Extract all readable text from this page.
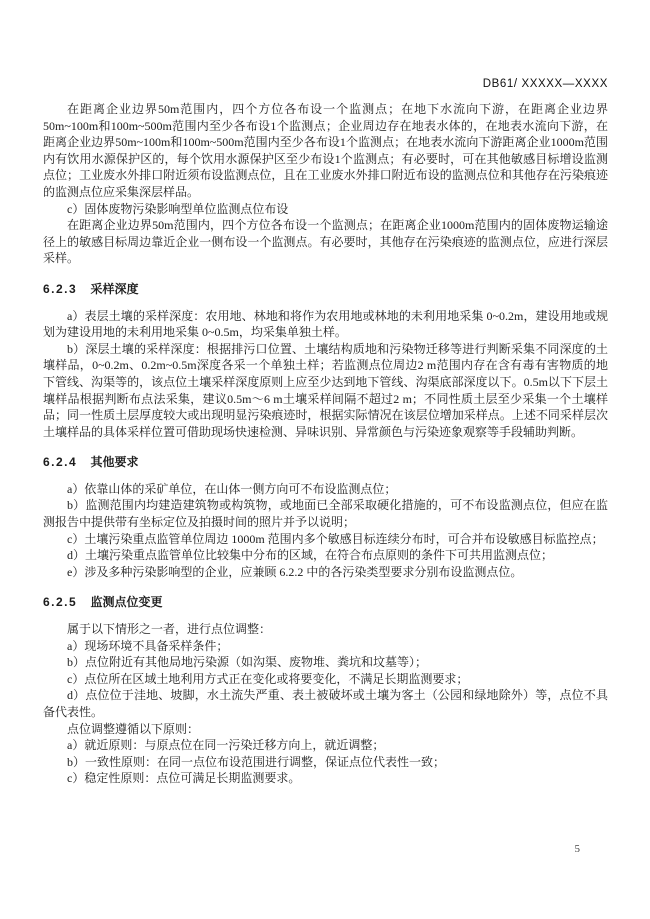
DB61/ XXXXX—XXXX

在距离企业边界50m范围内，四个方位各布设一个监测点；在地下水流向下游，在距离企业边界50m~100m和100m~500m范围内至少各布设1个监测点；企业周边存在地表水体的，在地表水流向下游，在距离企业边界50m~100m和100m~500m范围内至少各布设1个监测点；在地表水流向下游距离企业1000m范围内有饮用水源保护区的，每个饮用水源保护区至少布设1个监测点；有必要时，可在其他敏感目标增设监测点位；工业废水外排口附近须布设监测点位，且在工业废水外排口附近布设的监测点位和其他存在污染痕迹的监测点位应采集深层样品。

c）固体废物污染影响型单位监测点位布设

在距离企业边界50m范围内，四个方位各布设一个监测点；在距离企业1000m范围内的固体废物运输途径上的敏感目标周边靠近企业一侧布设一个监测点。有必要时，其他存在污染痕迹的监测点位，应进行深层采样。

6.2.3 采样深度

a）表层土壤的采样深度：农用地、林地和将作为农用地或林地的未利用地采集 0~0.2m，建设用地或规划为建设用地的未利用地采集 0~0.5m，均采集单独土样。

b）深层土壤的采样深度：根据排污口位置、土壤结构质地和污染物迁移等进行判断采集不同深度的土壤样品，0~0.2m、0.2m~0.5m深度各采一个单独土样；若监测点位周边2 m范围内存在含有毒有害物质的地下管线、沟渠等的，该点位土壤采样深度原则上应至少达到地下管线、沟渠底部深度以下。0.5m以下下层土壤样品根据判断布点法采集，建议0.5m～6 m土壤采样间隔不超过2 m；不同性质土层至少采集一个土壤样品；同一性质土层厚度较大或出现明显污染痕迹时，根据实际情况在该层位增加采样点。上述不同采样层次土壤样品的具体采样位置可借助现场快速检测、异味识别、异常颜色与污染迹象观察等手段辅助判断。

6.2.4 其他要求

a）依靠山体的采矿单位，在山体一侧方向可不布设监测点位；

b）监测范围内均建造建筑物或构筑物，或地面已全部采取硬化措施的，可不布设监测点位，但应在监测报告中提供带有坐标定位及拍摄时间的照片并予以说明；

c）土壤污染重点监管单位周边 1000m 范围内多个敏感目标连续分布时，可合并布设敏感目标监控点；

d）土壤污染重点监管单位比较集中分布的区域，在符合布点原则的条件下可共用监测点位；

e）涉及多种污染影响型的企业，应兼顾 6.2.2 中的各污染类型要求分别布设监测点位。

6.2.5 监测点位变更

属于以下情形之一者，进行点位调整：

a）现场环境不具备采样条件；

b）点位附近有其他局地污染源（如沟渠、废物堆、粪坑和坟墓等）；

c）点位所在区域土地利用方式正在变化或将要变化，不满足长期监测要求；

d）点位位于洼地、坡脚，水土流失严重、表土被破坏或土壤为客土（公园和绿地除外）等，点位不具备代表性。

点位调整遵循以下原则：

a）就近原则：与原点位在同一污染迁移方向上，就近调整；

b）一致性原则：在同一点位布设范围进行调整，保证点位代表性一致；

c）稳定性原则：点位可满足长期监测要求。

5
